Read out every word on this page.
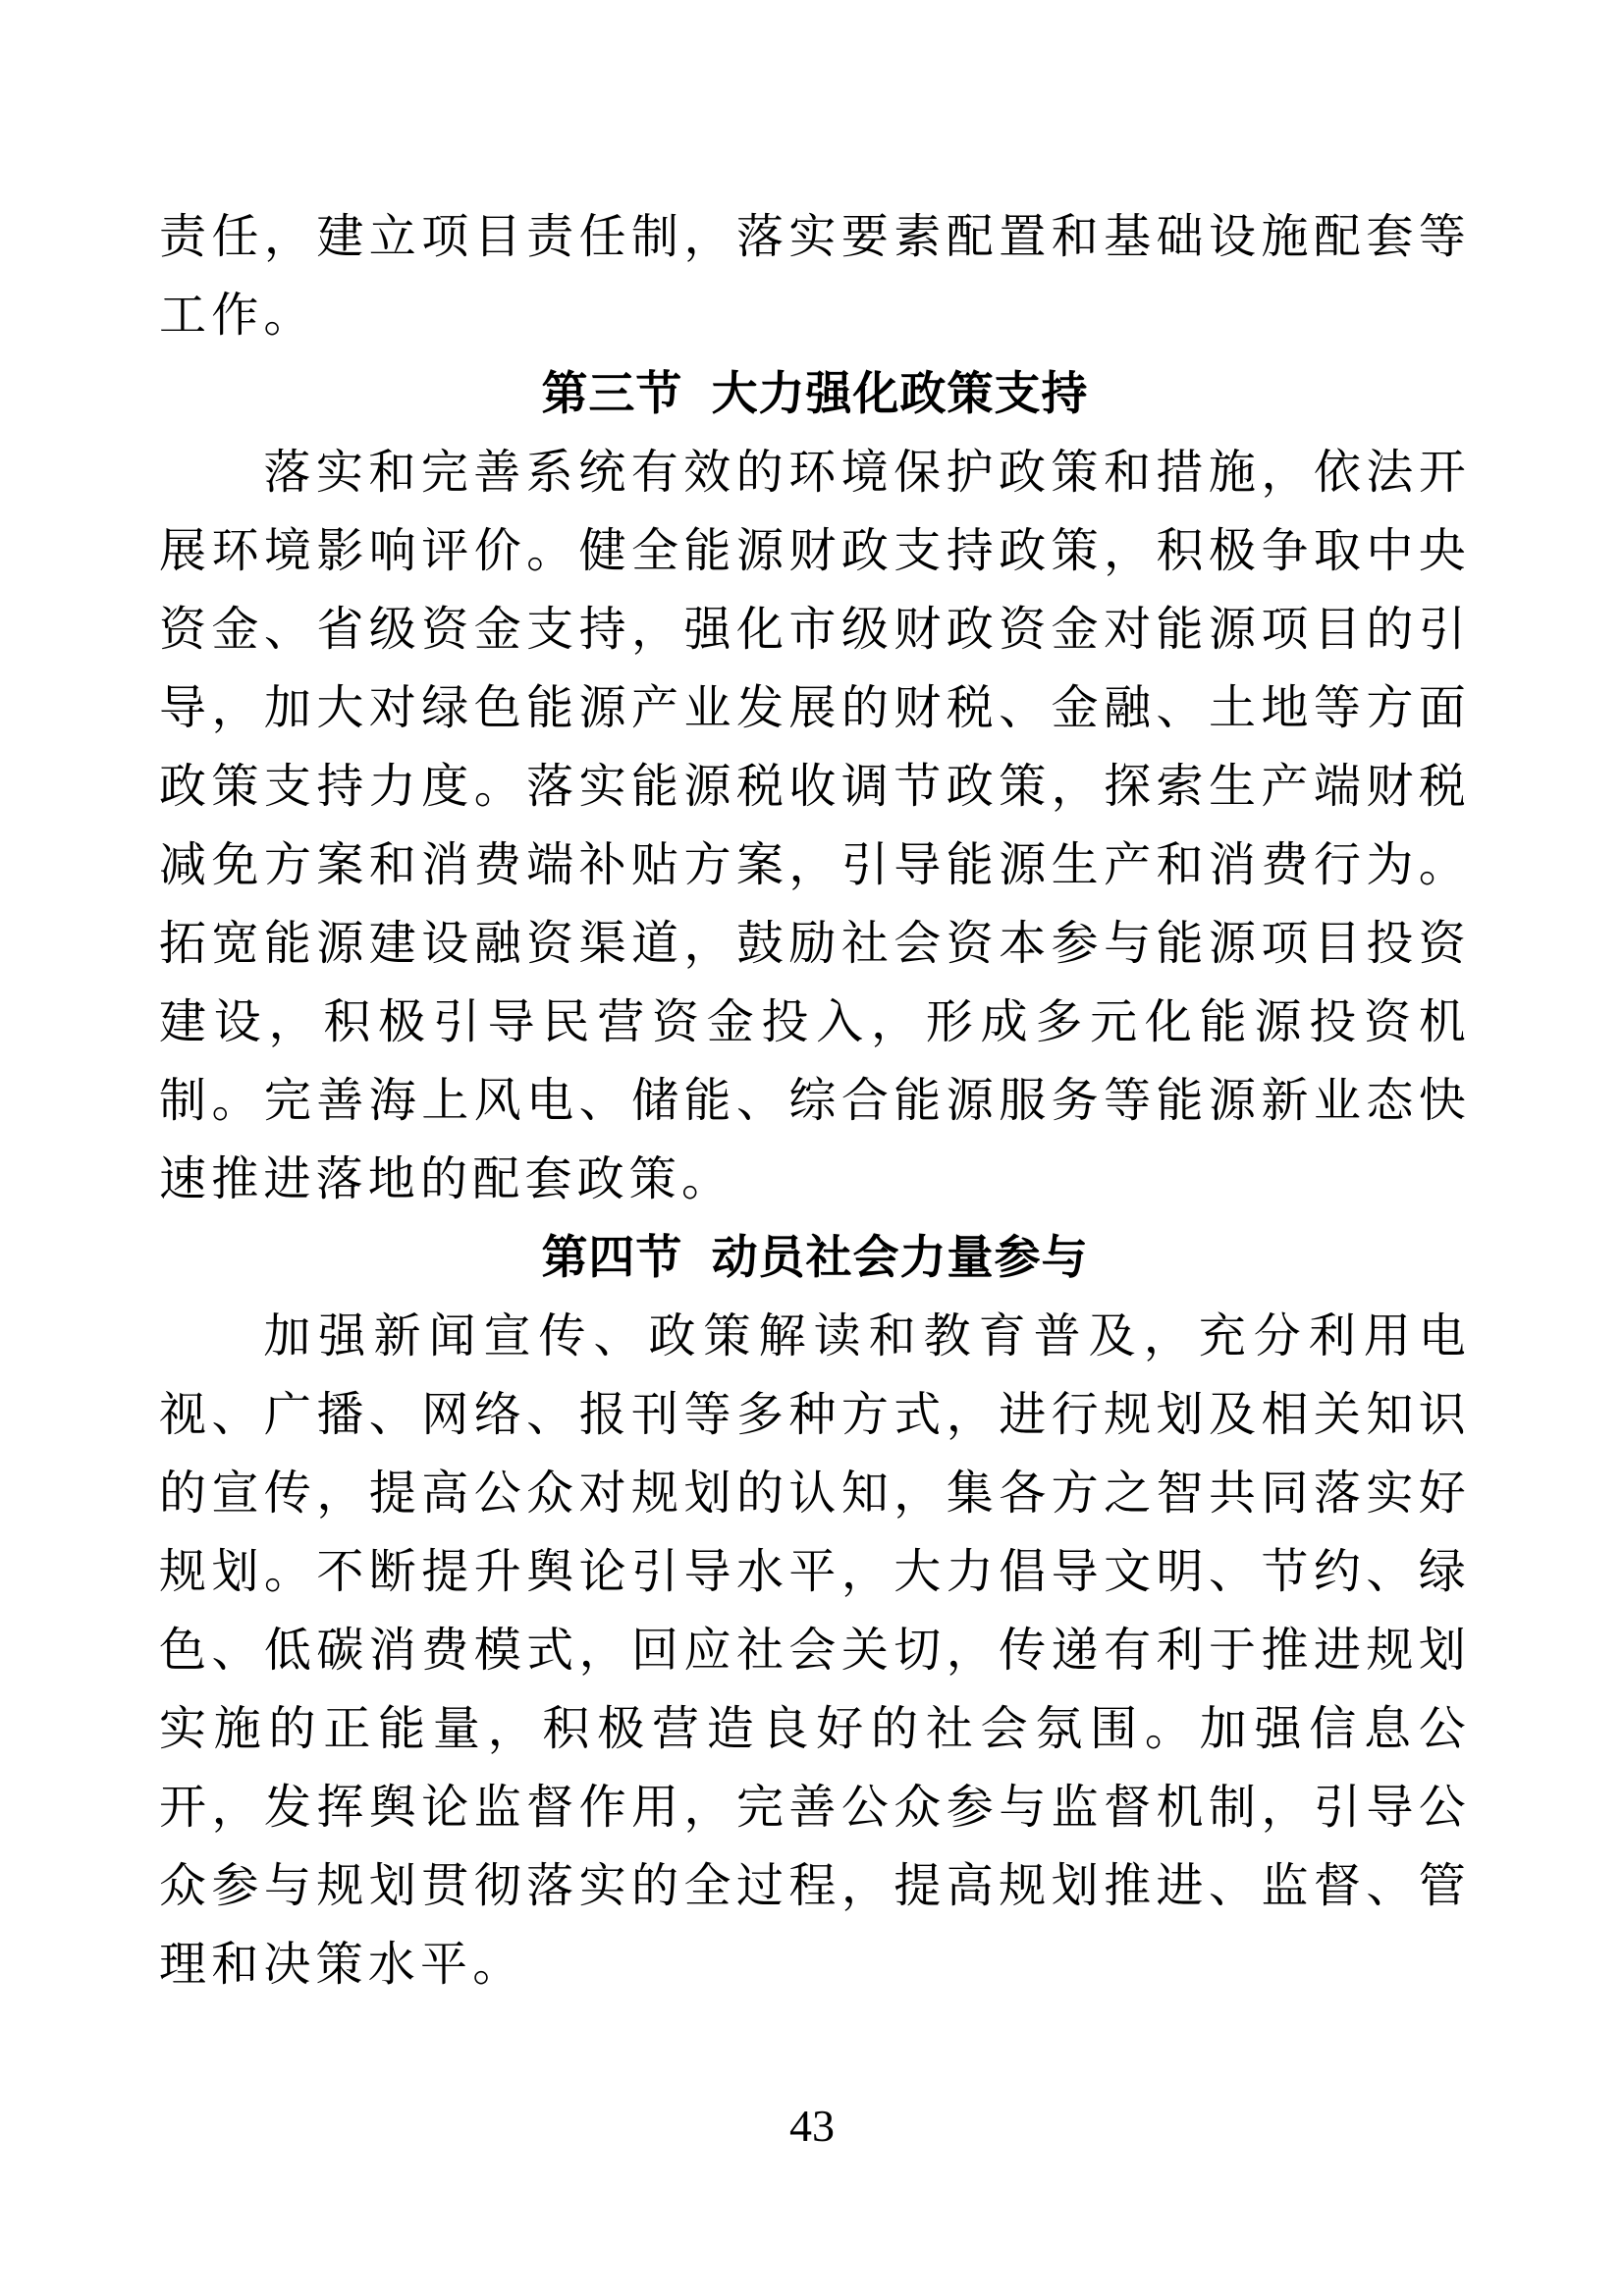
责任，建立项目责任制，落实要素配置和基础设施配套等工作。

第三节 大力强化政策支持

落实和完善系统有效的环境保护政策和措施，依法开展环境影响评价。健全能源财政支持政策，积极争取中央资金、省级资金支持，强化市级财政资金对能源项目的引导，加大对绿色能源产业发展的财税、金融、土地等方面政策支持力度。落实能源税收调节政策，探索生产端财税减免方案和消费端补贴方案，引导能源生产和消费行为。拓宽能源建设融资渠道，鼓励社会资本参与能源项目投资建设，积极引导民营资金投入，形成多元化能源投资机制。完善海上风电、储能、综合能源服务等能源新业态快速推进落地的配套政策。

第四节 动员社会力量参与

加强新闻宣传、政策解读和教育普及，充分利用电视、广播、网络、报刊等多种方式，进行规划及相关知识的宣传，提高公众对规划的认知，集各方之智共同落实好规划。不断提升舆论引导水平，大力倡导文明、节约、绿色、低碳消费模式，回应社会关切，传递有利于推进规划实施的正能量，积极营造良好的社会氛围。加强信息公开，发挥舆论监督作用，完善公众参与监督机制，引导公众参与规划贯彻落实的全过程，提高规划推进、监督、管理和决策水平。

43
